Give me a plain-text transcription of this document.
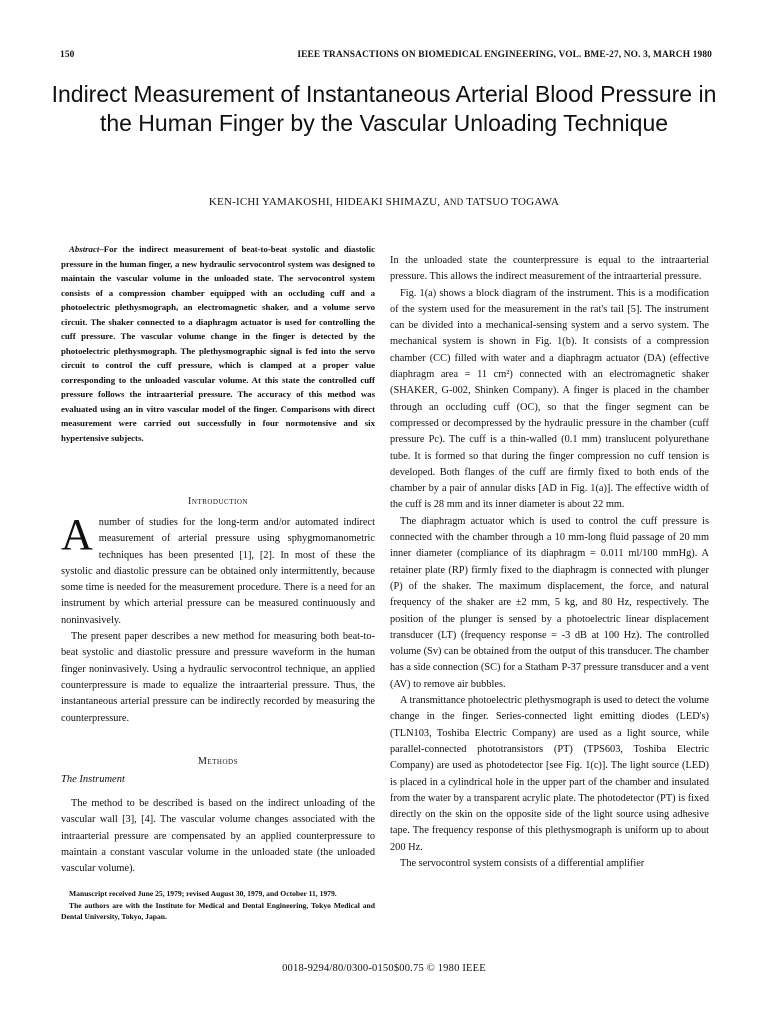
150	IEEE TRANSACTIONS ON BIOMEDICAL ENGINEERING, VOL. BME-27, NO. 3, MARCH 1980
Indirect Measurement of Instantaneous Arterial Blood Pressure in the Human Finger by the Vascular Unloading Technique
KEN-ICHI YAMAKOSHI, HIDEAKI SHIMAZU, AND TATSUO TOGAWA

Abstract–For the indirect measurement of beat-to-beat systolic and diastolic pressure in the human finger, a new hydraulic servocontrol system was designed to maintain the vascular volume in the unloaded state. The servocontrol system consists of a compression chamber equipped with an occluding cuff and a photoelectric plethysmograph, an electromagnetic shaker, and a volume servo circuit. The shaker connected to a diaphragm actuator is used for controlling the cuff pressure. The vascular volume change in the finger is detected by the photoelectric plethysmograph. The plethysmographic signal is fed into the servo circuit to control the cuff pressure, which is clamped at a proper value corresponding to the unloaded vascular volume. At this state the controlled cuff pressure follows the intraarterial pressure. The accuracy of this method was evaluated using an in vitro vascular model of the finger. Comparisons with direct measurement were carried out successfully in four normotensive and six hypertensive subjects.

Introduction

Anumber of studies for the long-term and/or automated indirect measurement of arterial pressure using sphygmomanometric techniques has been presented [1], [2]. In most of these the systolic and diastolic pressure can be obtained only intermittently, because some time is needed for the measurement procedure. There is a need for an instrument by which arterial pressure can be measured continuously and noninvasively.

The present paper describes a new method for measuring both beat-to-beat systolic and diastolic pressure and pressure waveform in the human finger noninvasively. Using a hydraulic servocontrol technique, an applied counterpressure is made to equalize the intraarterial pressure. Thus, the instantaneous arterial pressure can be indirectly recorded by measuring the counterpressure.

Methods
The Instrument

The method to be described is based on the indirect unloading of the vascular wall [3], [4]. The vascular volume changes associated with the intraarterial pressure are compensated by an applied counterpressure to maintain a constant vascular volume in the unloaded state (the unloaded vascular volume).

Manuscript received June 25, 1979; revised August 30, 1979, and October 11, 1979.

The authors are with the Institute for Medical and Dental Engineering, Tokyo Medical and Dental University, Tokyo, Japan.

In the unloaded state the counterpressure is equal to the intraarterial pressure. This allows the indirect measurement of the intraarterial pressure.

Fig. 1(a) shows a block diagram of the instrument. This is a modification of the system used for the measurement in the rat's tail [5]. The instrument can be divided into a mechanical-sensing system and a servo system. The mechanical system is shown in Fig. 1(b). It consists of a compression chamber (CC) filled with water and a diaphragm actuator (DA) (effective diaphragm area = 11 cm²) connected with an electromagnetic shaker (SHAKER, G-002, Shinken Company). A finger is placed in the chamber through an occluding cuff (OC), so that the finger segment can be compressed or decompressed by the hydraulic pressure in the chamber (cuff pressure Pc). The cuff is a thin-walled (0.1 mm) translucent polyurethane tube. It is formed so that during the finger compression no cuff tension is developed. Both flanges of the cuff are firmly fixed to both ends of the chamber by a pair of annular disks [AD in Fig. 1(a)]. The effective width of the cuff is 28 mm and its inner diameter is about 22 mm.

The diaphragm actuator which is used to control the cuff pressure is connected with the chamber through a 10 mm-long fluid passage of 20 mm inner diameter (compliance of its diaphragm = 0.011 ml/100 mmHg). A retainer plate (RP) firmly fixed to the diaphragm is connected with plunger (P) of the shaker. The maximum displacement, the force, and natural frequency of the shaker are ±2 mm, 5 kg, and 80 Hz, respectively. The position of the plunger is sensed by a photoelectric linear displacement transducer (LT) (frequency response = -3 dB at 100 Hz). The controlled volume (Sv) can be obtained from the output of this transducer. The chamber has a side connection (SC) for a Statham P-37 pressure transducer and a vent (AV) to remove air bubbles.

A transmittance photoelectric plethysmograph is used to detect the volume change in the finger. Series-connected light emitting diodes (LED's) (TLN103, Toshiba Electric Company) are used as a light source, while parallel-connected phototransistors (PT) (TPS603, Toshiba Electric Company) are used as photodetector [see Fig. 1(c)]. The light source (LED) is placed in a cylindrical hole in the upper part of the chamber and insulated from the water by a transparent acrylic plate. The photodetector (PT) is fixed directly on the skin on the opposite side of the light source using adhesive tape. The frequency response of this plethysmograph is uniform up to about 200 Hz.

The servocontrol system consists of a differential amplifier

0018-9294/80/0300-0150$00.75 © 1980 IEEE
